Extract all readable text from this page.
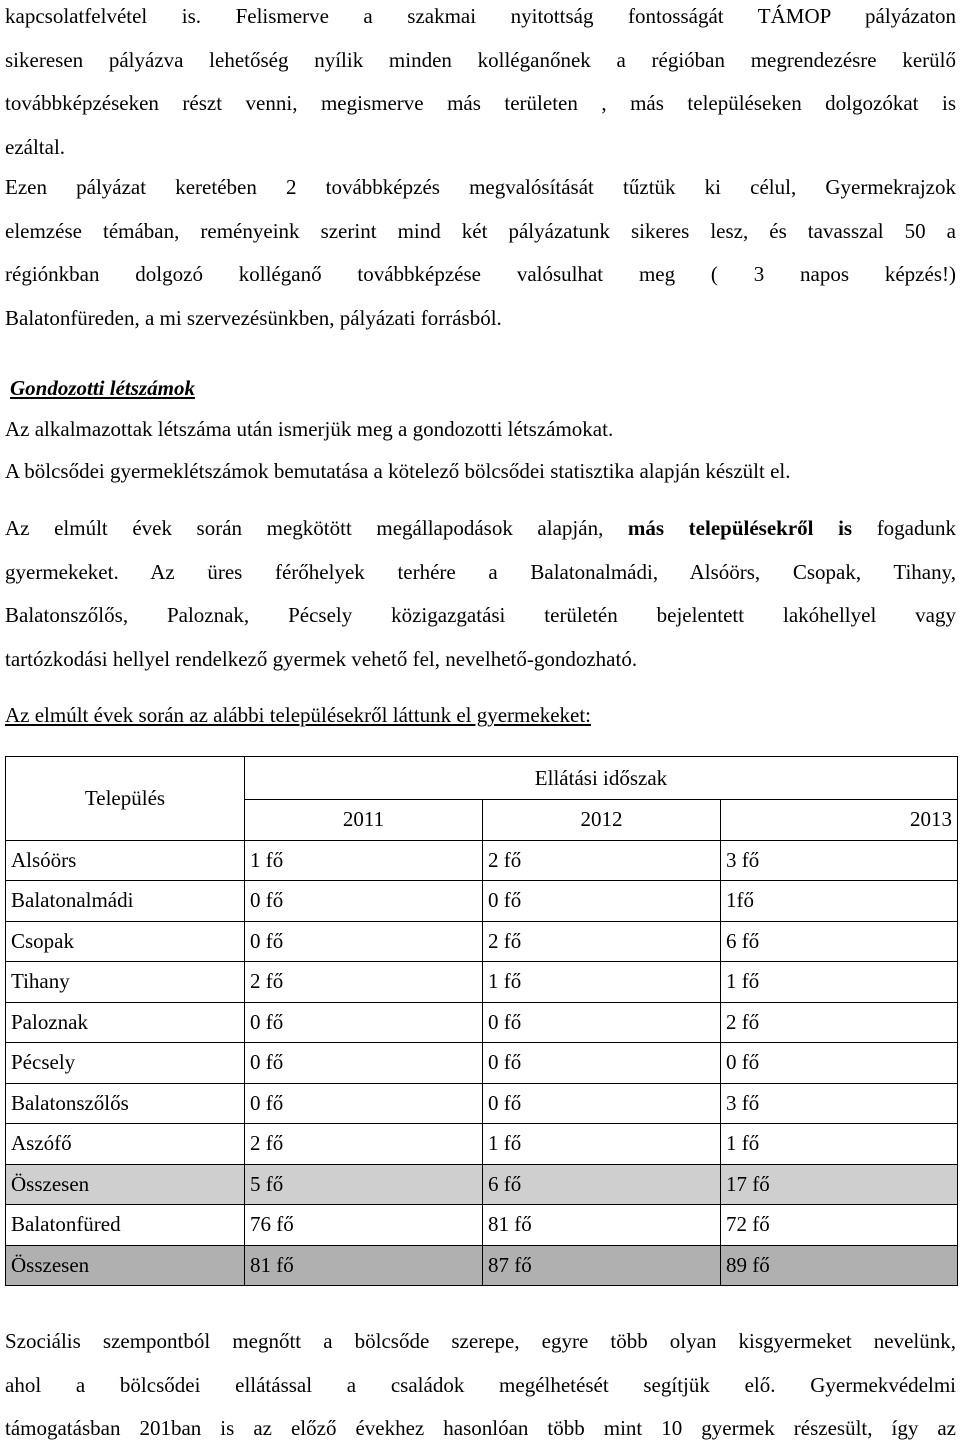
kapcsolatfelvétel is. Felismerve a szakmai nyitottság fontosságát TÁMOP pályázaton
sikeresen pályázva lehetőség nyílik minden kolléganőnek a régióban megrendezésre kerülő
továbbképzéseken részt venni, megismerve más területen , más településeken dolgozókat is
ezáltal.
Ezen pályázat keretében 2 továbbképzés megvalósítását tűztük ki célul, Gyermekrajzok
elemzése témában, reményeink szerint mind két pályázatunk sikeres lesz, és tavasszal 50 a
régiónkban dolgozó kolléganő továbbképzése valósulhat meg ( 3 napos képzés!)
Balatonfüreden, a mi szervezésünkben, pályázati forrásból.

Gondozotti létszámok

Az alkalmazottak létszáma után ismerjük meg a gondozotti létszámokat.

A bölcsődei gyermeklétszámok bemutatása a kötelező bölcsődei statisztika alapján készült el.

Az elmúlt évek során megkötött megállapodások alapján, más településekről is fogadunk
gyermekeket. Az üres férőhelyek terhére a Balatonalmádi, Alsóörs, Csopak, Tihany,
Balatonszőlős, Paloznak, Pécsely közigazgatási területén bejelentett lakóhellyel vagy
tartózkodási hellyel rendelkező gyermek vehető fel, nevelhető-gondozható.

Az elmúlt évek során az alábbi településekről láttunk el gyermekeket:

Település	Ellátási időszak		
	2011	2012	2013
Alsóörs	1 fő	2 fő	3 fő
Balatonalmádi	0 fő	0 fő	1fő
Csopak	0 fő	2 fő	6 fő
Tihany	2 fő	1 fő	1 fő
Paloznak	0 fő	0 fő	2 fő
Pécsely	0 fő	0 fő	0 fő
Balatonszőlős	0 fő	0 fő	3 fő
Aszófő	2 fő	1 fő	1 fő
Összesen	5 fő	6 fő	17 fő
Balatonfüred	76 fő	81 fő	72 fő
Összesen	81 fő	87 fő	89 fő
Szociális szempontból megnőtt a bölcsőde szerepe, egyre több olyan kisgyermeket nevelünk,
ahol a bölcsődei ellátással a családok megélhetését segítjük elő. Gyermekvédelmi
támogatásban 201ban is az előző évekhez hasonlóan több mint 10 gyermek részesült, így az
